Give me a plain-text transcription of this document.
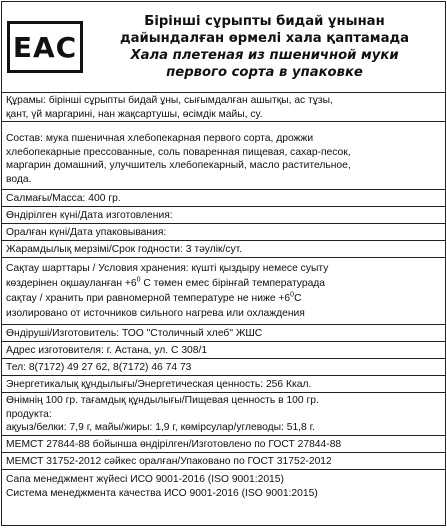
EAC
Бірінші сұрыпты бидай ұнынан
дайындалған өрмелі хала қаптамада
Хала плетеная из пшеничной муки
первого сорта в упаковке
Құрамы: бірінші сұрыпты бидай ұны, сығымдалған ашытқы, ас тұзы,
қант, үй маргарині, нан жақсартушы, өсімдік майы, су.
Состав: мука пшеничная хлебопекарная первого сорта, дрожжи
хлебопекарные прессованные, соль поваренная пищевая, сахар-песок,
маргарин домашний, улучшитель хлебопекарный, масло растительное,
вода.
Салмағы/Масса: 400 гр.
Өндірілген күні/Дата изготовления:
Оралған күні/Дата упаковывания:
Жарамдылық мерзімі/Срок годности: 3 тәулік/сут.
Сақтау шарттары / Условия хранения: күшті қыздыру немесе суыту
көздерінен оқшауланған $+6^0$ С төмен емес бірінғай температурада
сақтау / хранить при равномерной температуре не ниже $+6^0С$
изолировано от источников сильного нагрева или охлаждения
Өндіруші/Изготовитель: ТОО "Столичный хлеб" ЖШС
Адрес изготовителя: г. Астана, ул. С 308/1
Тел: 8(7172) 49 27 62, 8(7172) 46 74 73
Энергетикалық құндылығы/Энергетическая ценность: 256 Ккал.
Өнімнің 100 гр. тағамдық құндылығы/Пищевая ценность в 100 гр.
продукта:
ақуыз/белки: 7,9 г, майы/жиры: 1,9 г, көмірсулар/углеводы: 51,8 г.
МЕМСТ 27844-88 бойынша өндірілген/Изготовлено по ГОСТ 27844-88
МЕМСТ 31752-2012 сәйкес оралған/Упаковано по ГОСТ 31752-2012
Сапа менеджмент жүйесі ИСО 9001-2016 (ISO 9001:2015)
Система менеджмента качества ИСО 9001-2016 (ISO 9001:2015)
